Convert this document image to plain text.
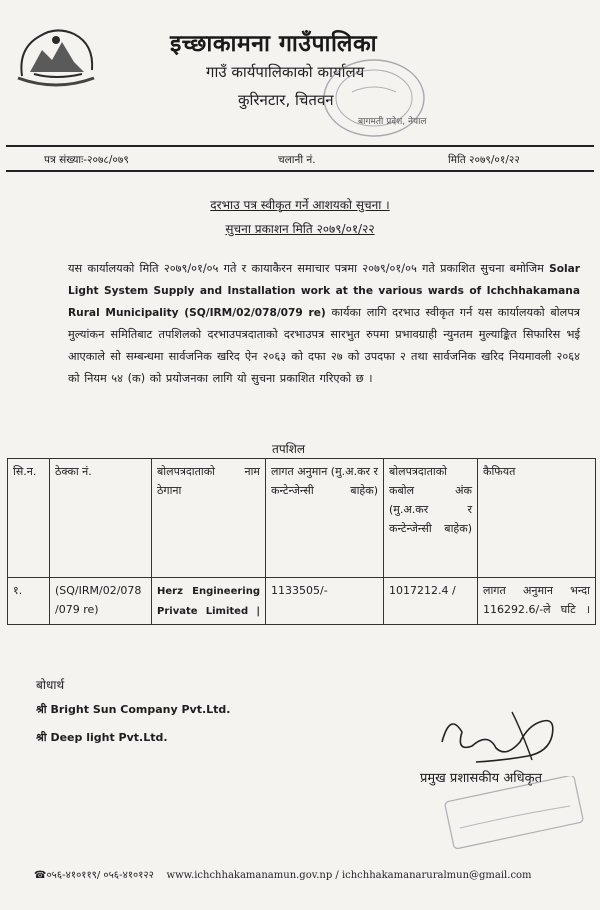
इच्छाकामना गाउँपालिका
गाउँ कार्यपालिकाको कार्यालय
कुरिनटार, चितवन
बागमती प्रदेश, नेपाल
पत्र संख्याः-२०७८/०७९	चलानी नं.	मिति २०७९/०१/२२
दरभाउ पत्र स्वीकृत गर्ने आशयको सुचना ।
सुचना प्रकाशन मिति २०७९/०१/२२
यस कार्यालयको मिति २०७९/०१/०५ गते र कायाकैरन समाचार पत्रमा २०७९/०१/०५ गते प्रकाशित सुचना बमोजिम Solar Light System Supply and Installation work at the various wards of Ichchhakamana Rural Municipality (SQ/IRM/02/078/079 re) कार्यका लागि दरभाउ स्वीकृत गर्न यस कार्यालयको बोलपत्र मुल्यांकन समितिबाट तपशिलको दरभाउपत्रदाताको दरभाउपत्र सारभुत रुपमा प्रभावग्राही न्युनतम मुल्याङ्कित सिफारिस भई आएकाले सो सम्बन्धमा सार्वजनिक खरिद ऐन २०६३ को दफा २७ को उपदफा २ तथा सार्वजनिक खरिद नियमावली २०६४ को नियम ५४ (क) को प्रयोजनका लागि यो सुचना प्रकाशित गरिएको छ ।
तपशिल
सि.न.	ठेक्का नं.	बोलपत्रदाताको नाम ठेगाना	लागत अनुमान (मु.अ.कर र कन्टेन्जेन्सी बाहेक)	बोलपत्रदाताको कबोल अंक (मु.अ.कर र कन्टेन्जेन्सी बाहेक)	कैफियत
१.	(SQ/IRM/02/078 /079 re)	Herz Engineering Private Limited |	1133505/-	1017212.4 /	लागत अनुमान भन्दा 116292.6/-ले घटि ।
बोधार्थ
श्री Bright Sun Company Pvt.Ltd.
श्री Deep light Pvt.Ltd.
प्रमुख प्रशासकीय अधिकृत
☎०५६-४१०११९/ ०५६-४१०१२२ www.ichchhakamanamun.gov.np / ichchhakamanaruralmun@gmail.com
